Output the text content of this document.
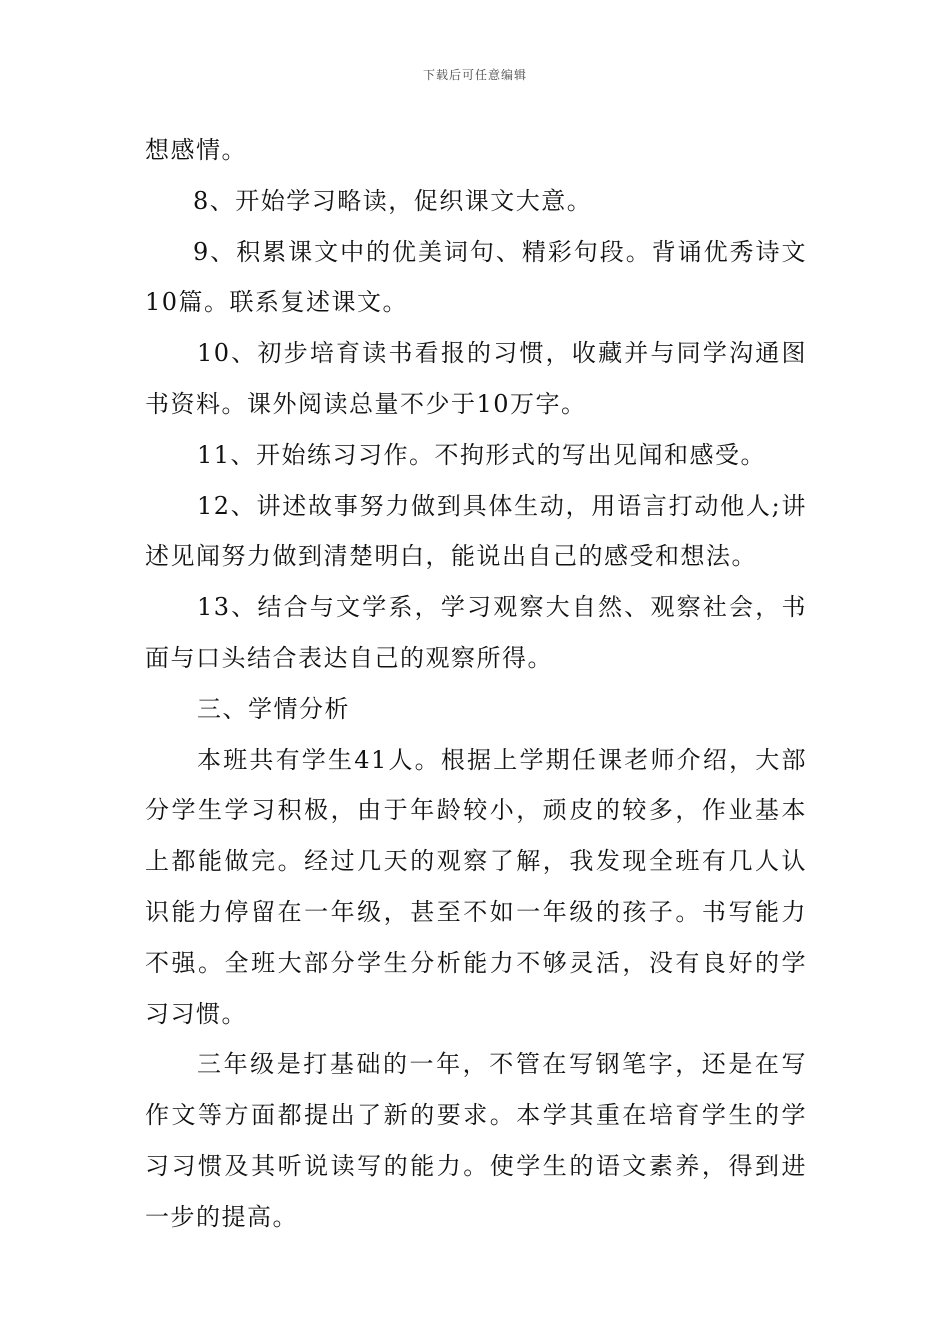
下载后可任意编辑

想感情。

8、开始学习略读，促织课文大意。

9、积累课文中的优美词句、精彩句段。背诵优秀诗文10篇。联系复述课文。

10、初步培育读书看报的习惯，收藏并与同学沟通图书资料。课外阅读总量不少于10万字。

11、开始练习习作。不拘形式的写出见闻和感受。

12、讲述故事努力做到具体生动，用语言打动他人;讲述见闻努力做到清楚明白，能说出自己的感受和想法。

13、结合与文学系，学习观察大自然、观察社会，书面与口头结合表达自己的观察所得。

三、学情分析

本班共有学生41人。根据上学期任课老师介绍，大部分学生学习积极，由于年龄较小，顽皮的较多，作业基本上都能做完。经过几天的观察了解，我发现全班有几人认识能力停留在一年级，甚至不如一年级的孩子。书写能力不强。全班大部分学生分析能力不够灵活，没有良好的学习习惯。

三年级是打基础的一年，不管在写钢笔字，还是在写作文等方面都提出了新的要求。本学其重在培育学生的学习习惯及其听说读写的能力。使学生的语文素养，得到进一步的提高。
